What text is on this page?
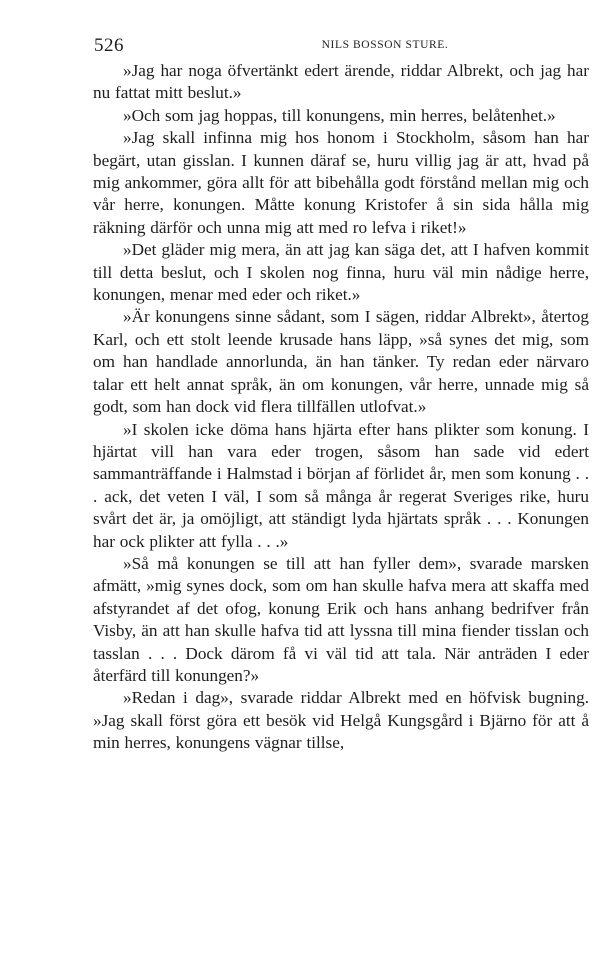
526	NILS BOSSON STURE.

»Jag har noga öfvertänkt edert ärende, riddar Albrekt, och jag har nu fattat mitt beslut.»

»Och som jag hoppas, till konungens, min herres, belåtenhet.»

»Jag skall infinna mig hos honom i Stockholm, såsom han har begärt, utan gisslan. I kunnen däraf se, huru villig jag är att, hvad på mig ankommer, göra allt för att bibehålla godt förstånd mellan mig och vår herre, konungen. Måtte konung Kristofer å sin sida hålla mig räkning därför och unna mig att med ro lefva i riket!»

»Det gläder mig mera, än att jag kan säga det, att I hafven kommit till detta beslut, och I skolen nog finna, huru väl min nådige herre, konungen, menar med eder och riket.»

»Är konungens sinne sådant, som I sägen, riddar Albrekt», återtog Karl, och ett stolt leende krusade hans läpp, »så synes det mig, som om han handlade annorlunda, än han tänker. Ty redan eder närvaro talar ett helt annat språk, än om konungen, vår herre, unnade mig så godt, som han dock vid flera tillfällen utlofvat.»

»I skolen icke döma hans hjärta efter hans plikter som konung. I hjärtat vill han vara eder trogen, såsom han sade vid edert sammanträffande i Halmstad i början af förlidet år, men som konung . . . ack, det veten I väl, I som så många år regerat Sveriges rike, huru svårt det är, ja omöjligt, att ständigt lyda hjärtats språk . . . Konungen har ock plikter att fylla . . .»

»Så må konungen se till att han fyller dem», svarade marsken afmätt, »mig synes dock, som om han skulle hafva mera att skaffa med afstyrandet af det ofog, konung Erik och hans anhang bedrifver från Visby, än att han skulle hafva tid att lyssna till mina fiender tisslan och tasslan . . . Dock därom få vi väl tid att tala. När anträden I eder återfärd till konungen?»

»Redan i dag», svarade riddar Albrekt med en höfvisk bugning. »Jag skall först göra ett besök vid Helgå Kungsgård i Bjärno för att å min herres, konungens vägnar tillse,
